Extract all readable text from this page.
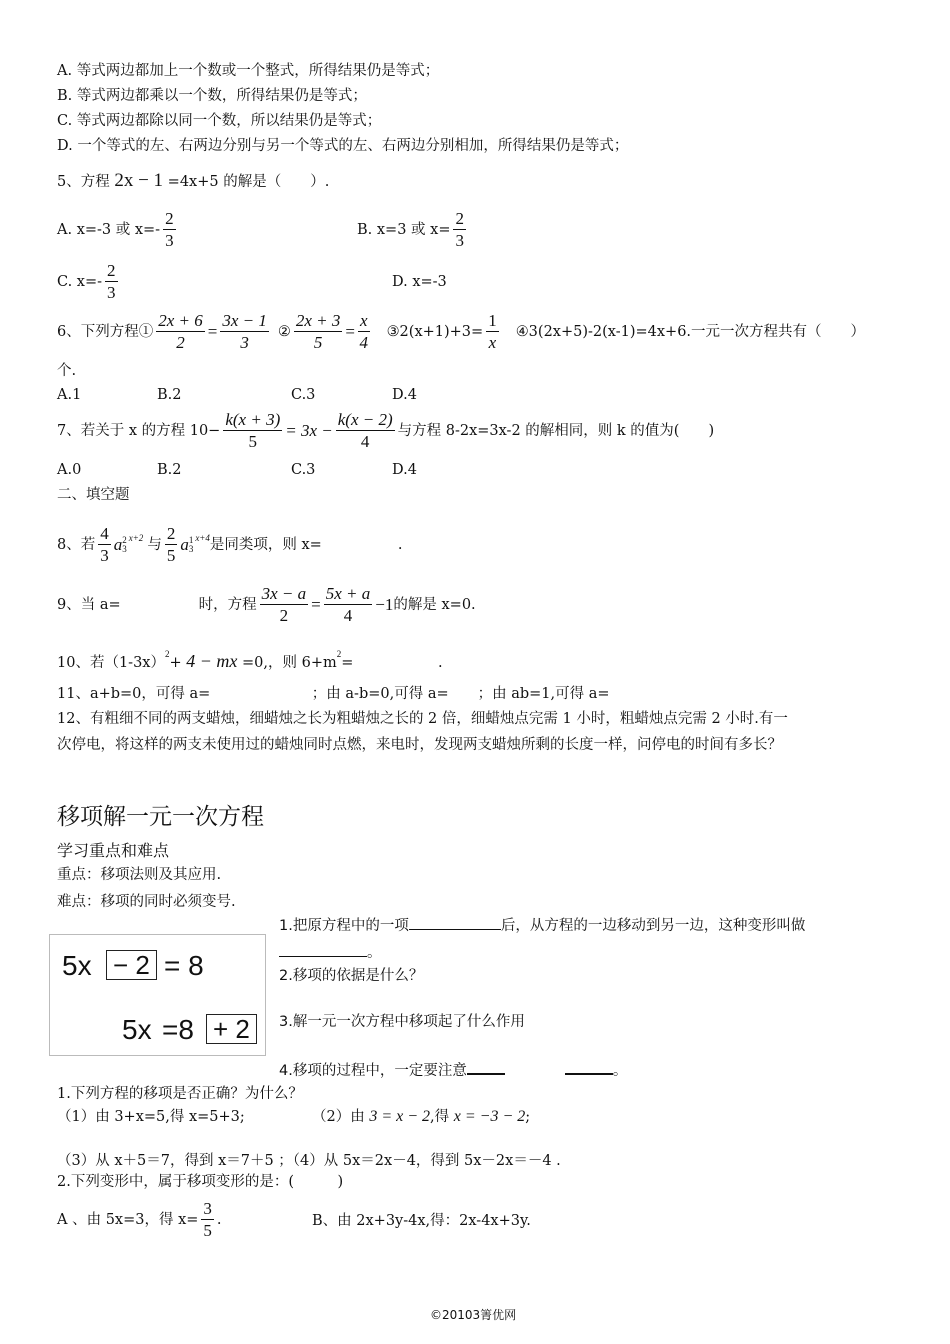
A. 等式两边都加上一个数或一个整式，所得结果仍是等式；
B. 等式两边都乘以一个数，所得结果仍是等式；
C. 等式两边都除以同一个数，所以结果仍是等式；
D. 一个等式的左、右两边分别与另一个等式的左、右两边分别相加，所得结果仍是等式；
5、方程 2x − 1 =4x+5 的解是（　　）.
A. x=-3 或 $x=- \frac{2}{3}$	B. x=3 或 $x= \frac{2}{3}$
C. $x=- \frac{2}{3}$	D. x=-3
6、下列方程① $\frac{2x + 6}{2} = \frac{3x - 1}{3}$ ② $\frac{2x + 3}{5} = \frac{x}{4}$ ③2(x+1)+3= $\frac{1}{x}$ ④3(2x+5)-2(x-1)=4x+6.一元一次方程共有（　　）
个.
A.1	B.2	C.3	D.4
7、若关于 x 的方程 $10- \frac{k(x + 3)}{5} = 3x - \frac{k(x - 2)}{4}$ 与方程 8-2x=3x-2 的解相同，则 k 的值为(　　)
A.0	B.2	C.3	D.4
二、填空题
8、若 $\frac{4}{3}$ a 2
3
x+2 与 $\frac{2}{5}$ a 1
3
x+4 是同类项，则 x=	.
9、当 a=	时，方程 $\frac{3x - a}{2} = \frac{5x + a}{4} -1$ 的解是 x=0.
10、若$(1-3x)^2+ 4$ − mx =0,，则 $6+m^2=$	.
11、a+b=0，可得 a=　　　　　　　；由 a-b=0,可得 a=　　；由 ab=1,可得 a=
12、有粗细不同的两支蜡烛，细蜡烛之长为粗蜡烛之长的 2 倍，细蜡烛点完需 1 小时，粗蜡烛点完需 2 小时.有一
次停电，将这样的两支未使用过的蜡烛同时点燃，来电时，发现两支蜡烛所剩的长度一样，问停电的时间有多长？
移项解一元一次方程
学习重点和难点
重点：移项法则及其应用.
难点：移项的同时必须变号.
5x − 2 = 8
5x =8 + 2
1.把原方程中的一项	后，从方程的一边移动到另一边，这种变形叫做
。
2.移项的依据是什么？
3.解一元一次方程中移项起了什么作用
4.移项的过程中，一定要注意	。
1.下列方程的移项是否正确？为什么？
（1）由 3+x=5,得 x=5+3;	（2）由 3 = x − 2,得 x = −3 − 2;
（3）从 x＋5＝7，得到 x＝7＋5 ；（4）从 5x＝2x－4，得到 5x－2x＝－4 .
2.下列变形中，属于移项变形的是：(　　　)
A 、由 5x=3，得 $x= \frac{3}{5}$ .	B、由 2x+3y-4x,得：2x-4x+3y.
©20103箐优网
